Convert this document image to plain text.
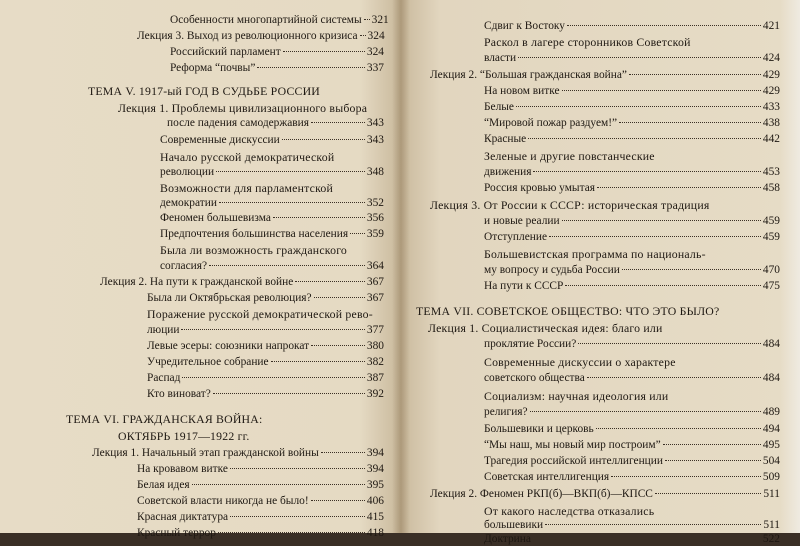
Особенности многопартийной системы 321
Лекция 3. Выход из революционного кризиса 324
Российский парламент	324
Реформа “почвы”	337
ТЕМА V. 1917-ый ГОД В СУДЬБЕ РОССИИ
Лекция 1. Проблемы цивилизационного выбора
после падения самодержавия	343
Современные дискуссии	343
Начало русской демократической
революции	348
Возможности для парламентской
демократии	352
Феномен большевизма	356
Предпочтения большинства населения 359
Была ли возможность гражданского
согласия?	364
Лекция 2. На пути к гражданской войне	367
Была ли Октябрьская революция?	367
Поражение русской демократической рево-
люции	377
Левые эсеры: союзники напрокат	380
Учредительное собрание	382
Распад	387
Кто виноват?	392
ТЕМА VI. ГРАЖДАНСКАЯ ВОЙНА:
ОКТЯБРЬ 1917—1922 гг.
Лекция 1. Начальный этап гражданской войны	394
На кровавом витке	394
Белая идея	395
Советской власти никогда не было!	406
Красная диктатура	415
Красный террор	418
Сдвиг к Востоку	421
Раскол в лагере сторонников Советской
власти	424
Лекция 2. “Большая гражданская война”	429
На новом витке	429
Белые	433
“Мировой пожар раздуем!”	438
Красные	442
Зеленые и другие повстанческие
движения	453
Россия кровью умытая	458
Лекция 3. От России к СССР: историческая традиция
и новые реалии	459
Отступление	459
Большевистская программа по националь-
му вопросу и судьба России	470
На пути к СССР	475
ТЕМА VII. СОВЕТСКОЕ ОБЩЕСТВО: ЧТО ЭТО БЫЛО?
Лекция 1. Социалистическая идея: благо или
проклятие России?	484
Современные дискуссии о характере
советского общества	484
Социализм: научная идеология или
религия?	489
Большевики и церковь	494
“Мы наш, мы новый мир построим”	495
Трагедия российской интеллигенции	504
Советская интеллигенция	509
Лекция 2. Феномен РКП(б)—ВКП(б)—КПСС	511
От какого наследства отказались
большевики	511
Доктрина	522
